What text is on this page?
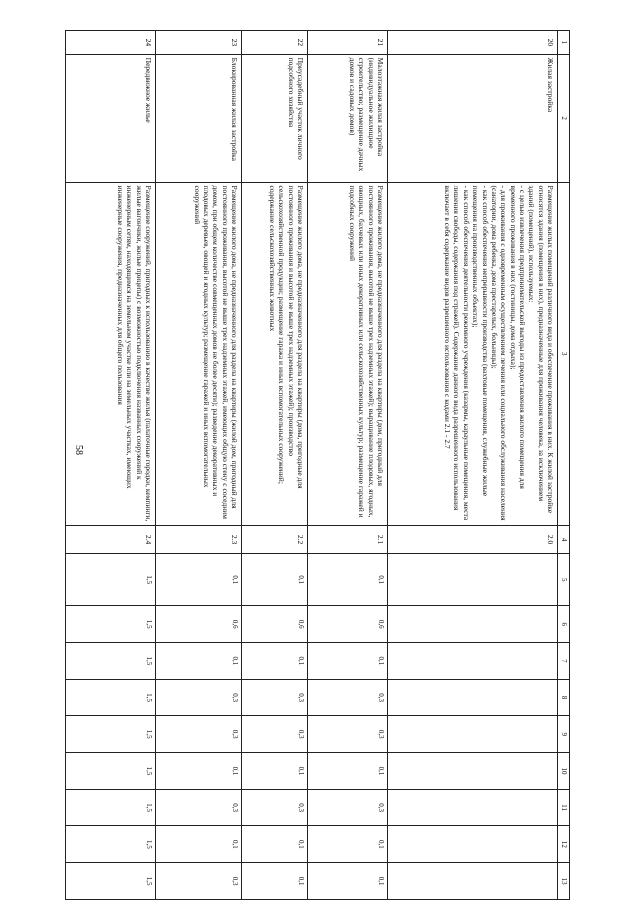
58
1	2	3	4	5	6	7	8	9	10	11	12	13
20	Жилая застройка	Размещение жилых помещений различного вида и обеспечение проживания в них. К жилой застройке относятся здания (помещения в них), предназначенные для проживания человека, за исключением зданий (помещений), используемых:

- с целью извлечения предпринимательской выгоды из предоставления жилого помещения для временного проживания в них (гостиницы, дома отдыха);

- для проживания с одновременным осуществлением лечения или социального обслуживания населения (санатории, дома ребенка, дома престарелых, больницы);

- как способ обеспечения непрерывности производства (вахтовые помещения, служебные жилые помещения на производственных объектах);

- как способ обеспечения деятельности режимного учреждения (казармы, караульные помещения, места лишения свободы, содержания под стражей). Содержание данного вида разрешенного использования включает в себя содержание видов разрешенного использования с кодами 2.1 - 2.7	2.0									
21	Малоэтажная жилая застройка (индивидуальное жилищное строительство; размещение дачных домов и садовых домов)	Размещение жилого дома, не предназначенного для раздела на квартиры (дом, пригодный для постоянного проживания, высотой не выше трех надземных этажей); выращивание плодовых, ягодных, овощных, бахчевых или иных декоративных или сельскохозяйственных культур; размещение гаражей и подсобных сооружений	2.1	0,1	0,6	0,1	0,3	0,3	0,1	0,3	0,1	0,1
22	Приусадебный участок личного подсобного хозяйства	Размещение жилого дома, не предназначенного для раздела на квартиры (дома, пригодные для постоянного проживания и высотой не выше трех надземных этажей); производство сельскохозяйственной продукции; размещение гаража и иных вспомогательных сооружений; содержание сельскохозяйственных животных	2.2	0,1	0,6	0,1	0,3	0,3	0,1	0,3	0,1	0,1
23	Блокированная жилая застройка	Размещение жилого дома, не предназначенного для раздела на квартиры (жилой дом, пригодный для постоянного проживания, высотой не выше трех надземных этажей, имеющих общую стену с соседним домом, при общем количестве совмещенных домов не более десяти); разведение декоративных и плодовых деревьев, овощей и ягодных культур; размещение гаражей и иных вспомогательных сооружений	2.3	0,1	0,6	0,1	0,3	0,3	0,1	0,3	0,1	0,3
24	Передвижное жилье	Размещение сооружений, пригодных к использованию в качестве жилья (палаточные городки, кемпинги, жилые вагончики, жилые прицепы) с возможностью подключения названных сооружений к инженерным сетям, находящимся на земельном участке или на земельных участках, имеющих инженерные сооружения, предназначенных для общего пользования	2.4	1,5	1,5	1,5	1,5	1,5	1,5	1,5	1,5	1,5
